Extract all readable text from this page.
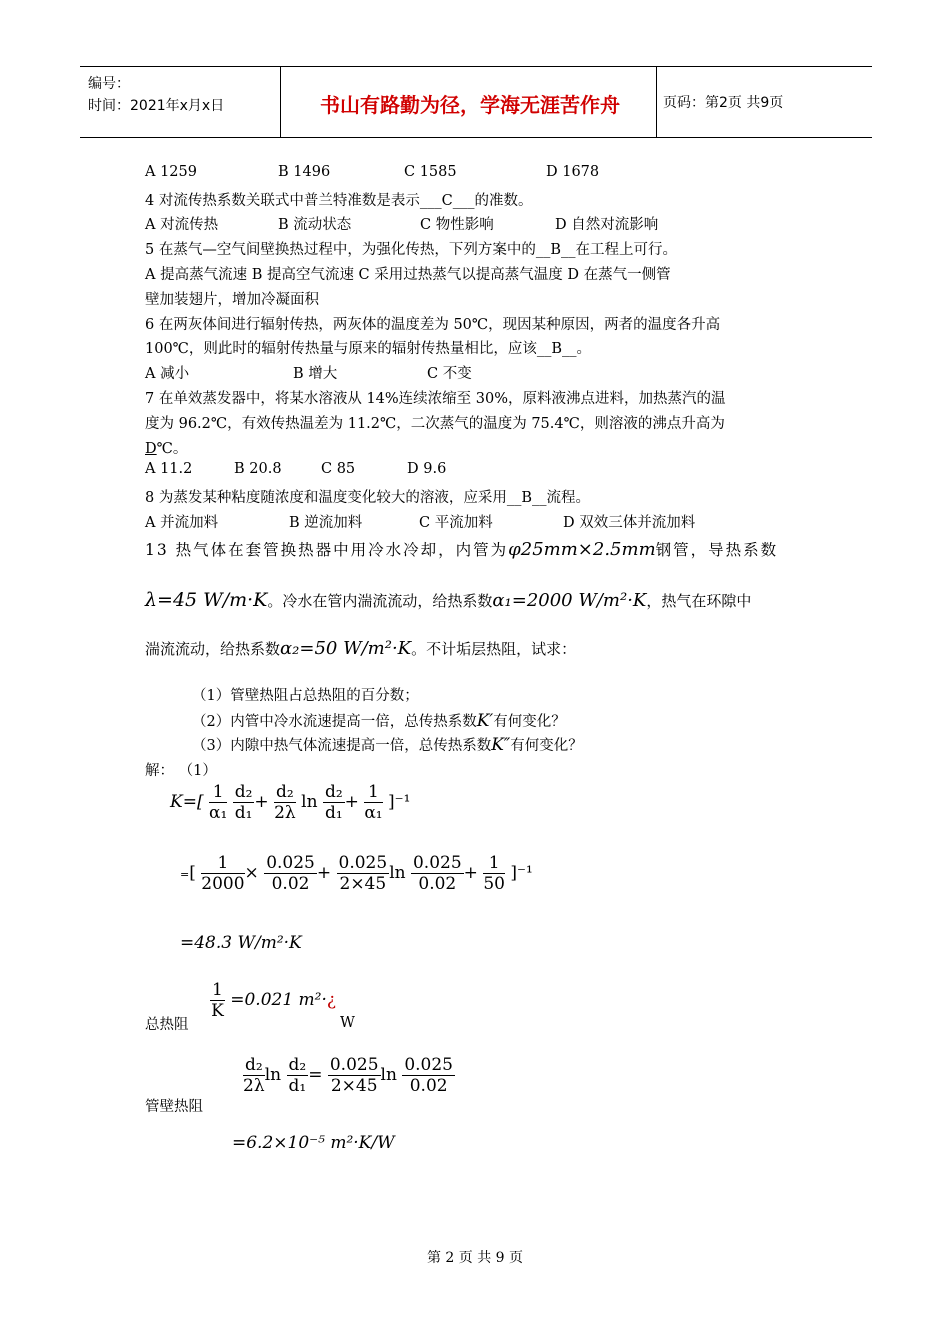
编号：
时间：2021年x月x日	书山有路勤为径，学海无涯苦作舟	页码：第2页 共9页
A 1259	B 1496	C 1585	D 1678
4 对流传热系数关联式中普兰特准数是表示___C___的准数。
A 对流传热	B 流动状态	C 物性影响	D 自然对流影响
5 在蒸气—空气间壁换热过程中，为强化传热，下列方案中的__B__在工程上可行。
A 提高蒸气流速 B 提高空气流速 C 采用过热蒸气以提高蒸气温度 D 在蒸气一侧管
壁加装翅片，增加冷凝面积
6 在两灰体间进行辐射传热，两灰体的温度差为 50℃，现因某种原因，两者的温度各升高
100℃，则此时的辐射传热量与原来的辐射传热量相比，应该__B__。
A 减小	B 增大	C 不变
7 在单效蒸发器中，将某水溶液从 14%连续浓缩至 30%，原料液沸点进料，加热蒸汽的温
度为 96.2℃，有效传热温差为 11.2℃，二次蒸气的温度为 75.4℃，则溶液的沸点升高为
D℃。
A 11.2	B 20.8	C 85	D 9.6
8 为蒸发某种粘度随浓度和温度变化较大的溶液，应采用__B__流程。
A 并流加料	B 逆流加料	C 平流加料	D 双效三体并流加料
13 热气体在套管换热器中用冷水冷却，内管为φ25mm×2.5mm钢管，导热系数
λ=45 W/m·K。冷水在管内湍流流动，给热系数α₁=2000 W/m²·K，热气在环隙中
湍流流动，给热系数α₂=50 W/m²·K。不计垢层热阻，试求：
（1）管壁热阻占总热阻的百分数；
（2）内管中冷水流速提高一倍，总传热系数K′有何变化？
（3）内隙中热气体流速提高一倍，总传热系数K″有何变化？
解： （1）
$K=[ \frac{1}{\text{α₁}}$
$\frac{\text{d₂}}{\text{d₁}} + \frac{\text{d₂}}{2\lambda}$ $\ln \frac{\text{d₂}}{\text{d₁}} + \frac{1}{\text{α₁}} ]^{-1}$
=[ $\frac{1}{2000} \times \frac{0.025}{0.02} + \frac{0.025}{2\times 45}$ $\ln \frac{0.025}{0.02} + \frac{1}{50} ]^{-1}$
=48.3 W/m²·K
总热阻
$\frac{1}{K} =0.021$ m²·¿
W
管壁热阻
$\frac{\text{d₂}}{2\lambda}$ $\ln \frac{\text{d₂}}{\text{d₁}} = \frac{0.025}{2\times 45}$ $\ln \frac{0.025}{0.02}$
=6.2×10⁻⁵ m²·K/W
第 2 页 共 9 页
